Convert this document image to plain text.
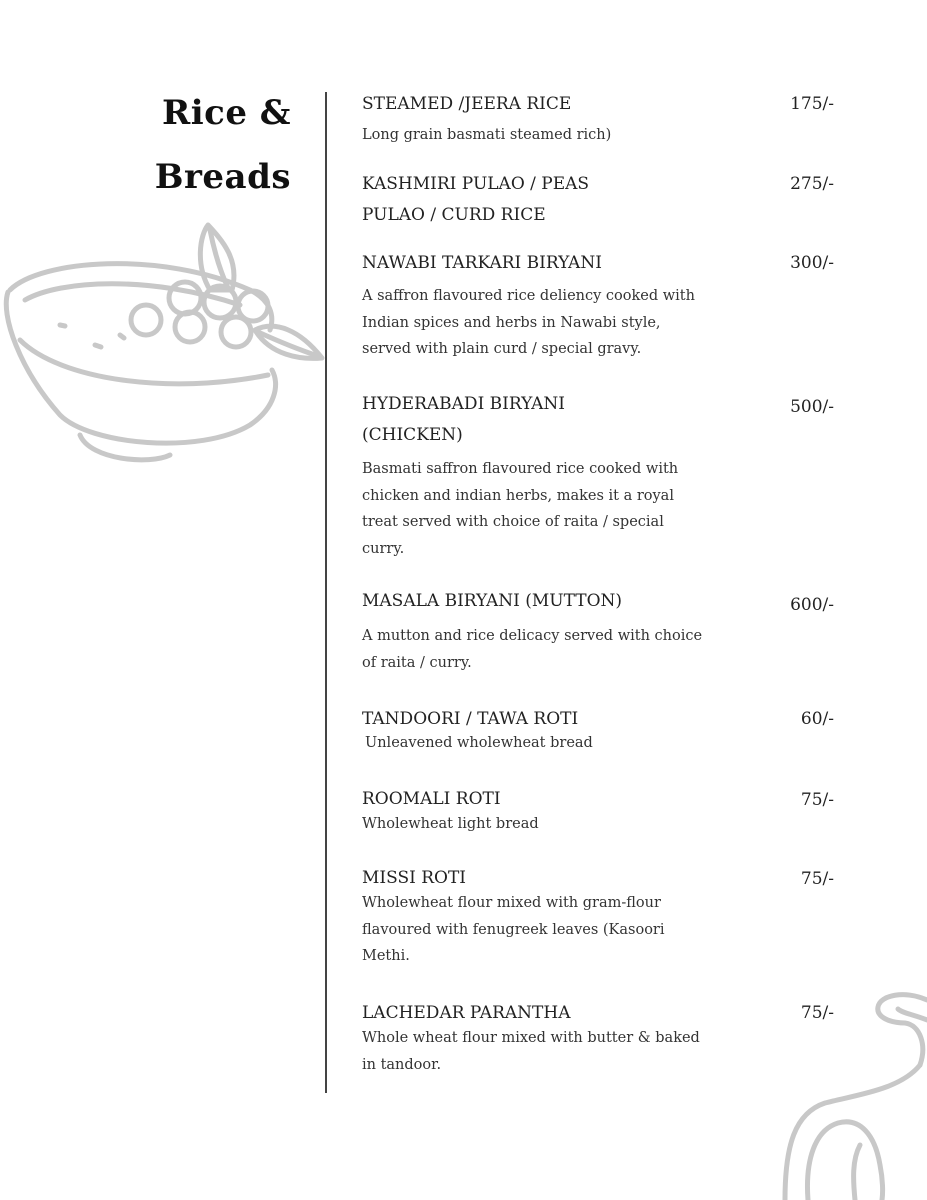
Rice &
Breads
STEAMED /JEERA RICE	175/-
Long grain basmati steamed rich)
KASHMIRI PULAO / PEAS
PULAO / CURD RICE
275/-
NAWABI TARKARI BIRYANI	300/-
A saffron flavoured rice deliency cooked with Indian spices and herbs in Nawabi style, served with plain curd / special gravy.
HYDERABADI BIRYANI
(CHICKEN)
500/-
Basmati saffron flavoured rice cooked with chicken and indian herbs, makes it a royal treat served with choice of raita / special curry.
MASALA BIRYANI (MUTTON)	600/-
A mutton and rice delicacy served with choice of raita / curry.
TANDOORI / TAWA ROTI	60/-
Unleavened wholewheat bread
ROOMALI ROTI	75/-
Wholewheat light bread
MISSI ROTI	75/-
Wholewheat flour mixed with gram-flour flavoured with fenugreek leaves (Kasoori Methi.
LACHEDAR PARANTHA	75/-
Whole wheat flour mixed with butter & baked in tandoor.
